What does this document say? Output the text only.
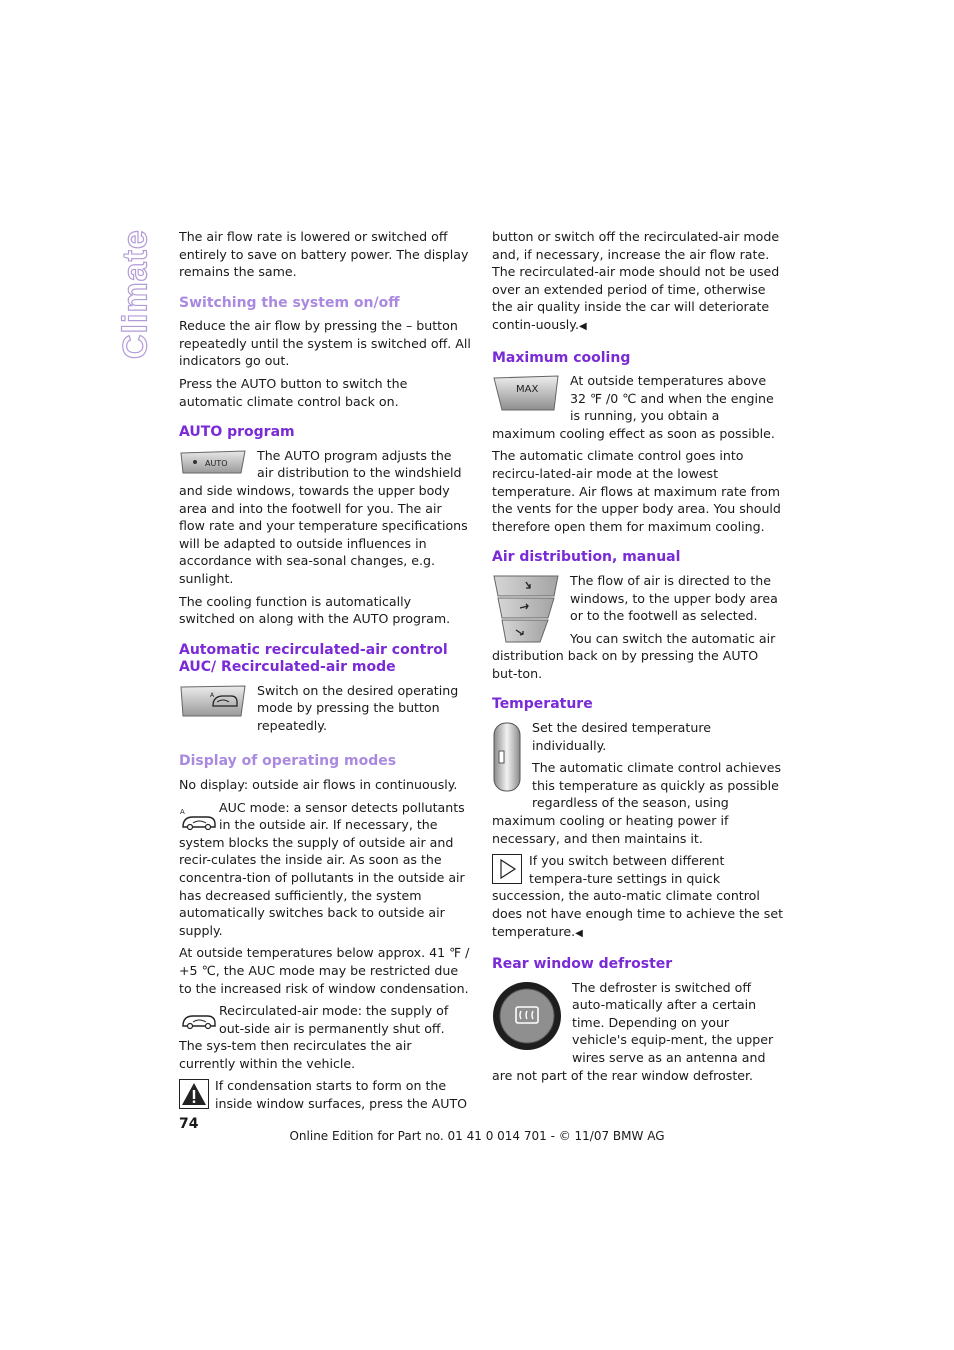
Climate The air flow rate is lowered or switched off entirely to save on battery power. The display remains the same.

Switching the system on/off

Reduce the air flow by pressing the – button repeatedly until the system is switched off. All indicators go out.

Press the AUTO button to switch the automatic climate control back on.

AUTO program
AUTO

The AUTO program adjusts the air distribution to the windshield and side windows, towards the upper body area and into the footwell for you. The air flow rate and your temperature specifications will be adapted to outside influences in accordance with sea-sonal changes, e.g. sunlight.

The cooling function is automatically switched on along with the AUTO program.

Automatic recirculated-air control AUC/ Recirculated-air mode
A	Switch on the desired operating mode by pressing the button repeatedly.

Display of operating modes

No display: outside air flows in continuously.

A	AUC mode: a sensor detects pollutants in the outside air. If necessary, the system blocks the supply of outside air and recir-culates the inside air. As soon as the concentra-tion of pollutants in the outside air has decreased sufficiently, the system automatically switches back to outside air supply.

At outside temperatures below approx. 41 ℉ / +5 ℃, the AUC mode may be restricted due to the increased risk of window condensation.

Recirculated-air mode: the supply of out-side air is permanently shut off. The sys-tem then recirculates the air currently within the vehicle.

If condensation starts to form on the inside window surfaces, press the AUTO

button or switch off the recirculated-air mode and, if necessary, increase the air flow rate. The recirculated-air mode should not be used over an extended period of time, otherwise the air quality inside the car will deteriorate contin-uously.◀

Maximum cooling
MAX

At outside temperatures above 32 ℉ /0 ℃ and when the engine is running, you obtain a maximum cooling effect as soon as possible.

The automatic climate control goes into recircu-lated-air mode at the lowest temperature. Air flows at maximum rate from the vents for the upper body area. You should therefore open them for maximum cooling.

Air distribution, manual

The flow of air is directed to the windows, to the upper body area or to the footwell as selected.

You can switch the automatic air distribution back on by pressing the AUTO but-ton.

Temperature

Set the desired temperature individually.

The automatic climate control achieves this temperature as quickly as possible regardless of the season, using maximum cooling or heating power if necessary, and then maintains it.

If you switch between different tempera-ture settings in quick succession, the auto-matic climate control does not have enough time to achieve the set temperature.◀

Rear window defroster

The defroster is switched off auto-matically after a certain time. Depending on your vehicle's equip-ment, the upper wires serve as an antenna and are not part of the rear window defroster.

74
Online Edition for Part no. 01 41 0 014 701 - © 11/07 BMW AG
